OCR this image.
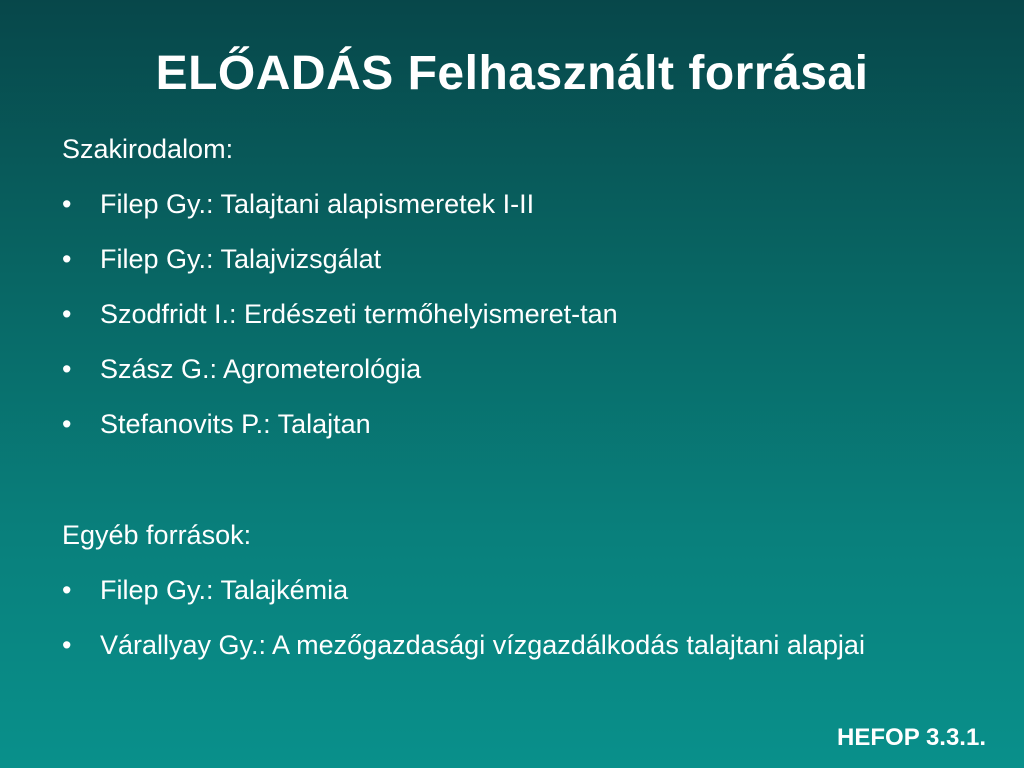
ELŐADÁS Felhasznált forrásai

Szakirodalom:

• Filep Gy.: Talajtani alapismeretek I-II
• Filep Gy.: Talajvizsgálat
• Szodfridt I.: Erdészeti termőhelyismeret-tan
• Szász G.: Agrometerológia
• Stefanovits P.: Talajtan

Egyéb források:

• Filep Gy.: Talajkémia
• Várallyay Gy.: A mezőgazdasági vízgazdálkodás talajtani alapjai

HEFOP 3.3.1.
